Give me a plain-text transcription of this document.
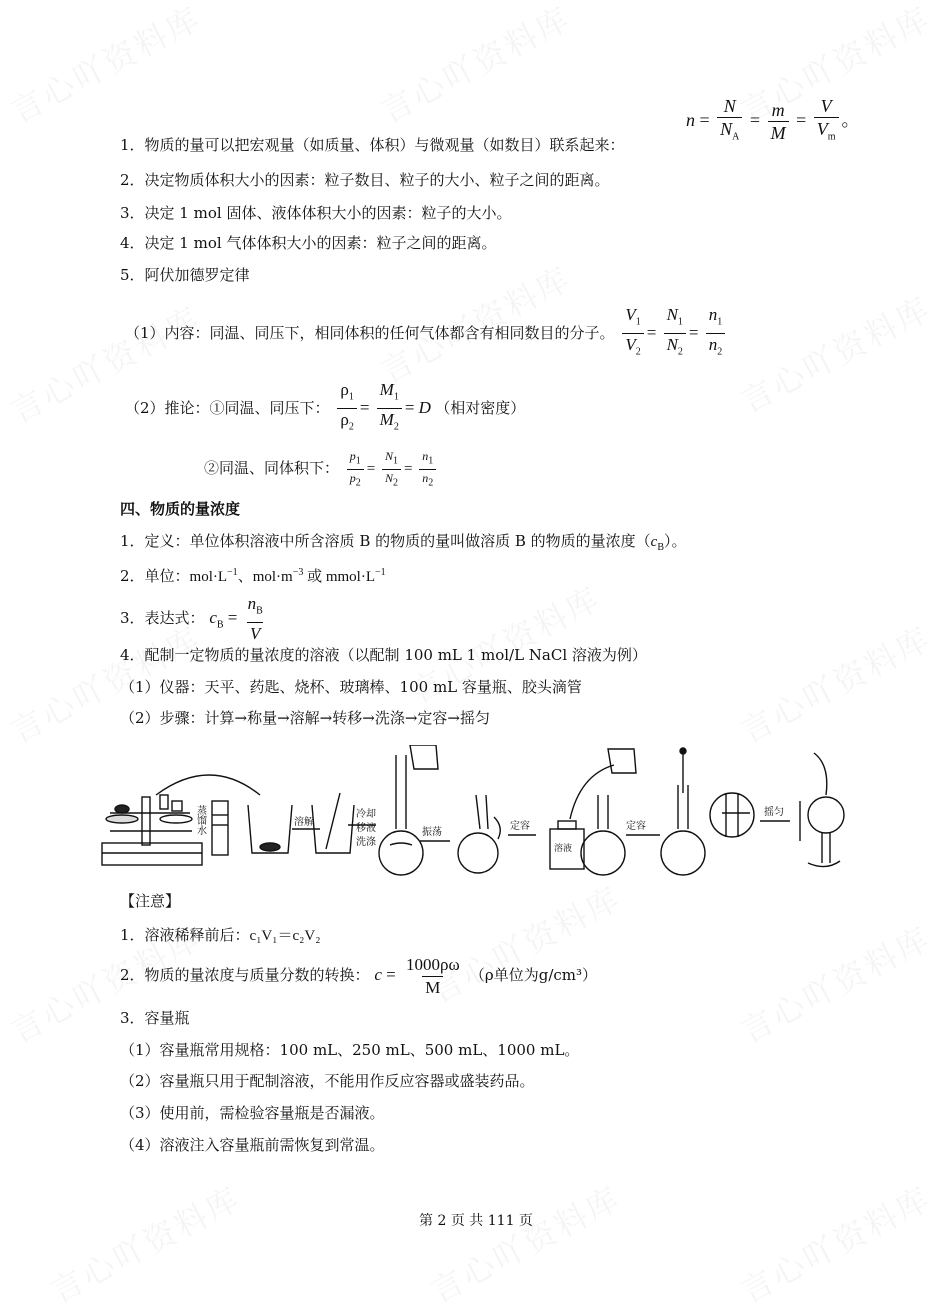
$n = \frac{N}{N_A} = \frac{m}{M} = \frac{V}{V_m}$ 。
1．物质的量可以把宏观量（如质量、体积）与微观量（如数目）联系起来：
2．决定物质体积大小的因素：粒子数目、粒子的大小、粒子之间的距离。
3．决定 1 mol 固体、液体体积大小的因素：粒子的大小。
4．决定 1 mol 气体体积大小的因素：粒子之间的距离。
5．阿伏加德罗定律
（1）内容：同温、同压下，相同体积的任何气体都含有相同数目的分子。 $\frac{V_1}{V_2} = \frac{N_1}{N_2} = \frac{n_1}{n_2}$
（2）推论：①同温、同压下： $\frac{\rho_1}{\rho_2} = \frac{M_1}{M_2} = D$ （相对密度）
②同温、同体积下： $\frac{p_1}{p_2} = \frac{N_1}{N_2} = \frac{n_1}{n_2}$
四、物质的量浓度
1．定义：单位体积溶液中所含溶质 B 的物质的量叫做溶质 B 的物质的量浓度$(c_B)$。
2．单位：$mol\cdot L^{-1}$、$mol\cdot m^{-3}$ 或 $mmol\cdot L^{-1}$
3．表达式： $c_B = \frac{n_B}{V}$
4．配制一定物质的量浓度的溶液（以配制 100 mL 1 mol/L NaCl 溶液为例）
（1）仪器：天平、药匙、烧杯、玻璃棒、100 mL 容量瓶、胶头滴管
（2）步骤：计算→称量→溶解→转移→洗涤→定容→摇匀
蒸馏水	溶解
冷却
移液
洗涤
振荡
定容
溶液
定容
摇匀
【注意】
1．溶液稀释前后：c₁V₁＝c₂V₂
2．物质的量浓度与质量分数的转换： $c = \frac{1000\rho\omega}{M} (\rho$单位为g/cm³）
3．容量瓶
（1）容量瓶常用规格：100 mL、250 mL、500 mL、1000 mL。
（2）容量瓶只用于配制溶液，不能用作反应容器或盛装药品。
（3）使用前，需检验容量瓶是否漏液。
（4）溶液注入容量瓶前需恢复到常温。
第 2 页 共 111 页
